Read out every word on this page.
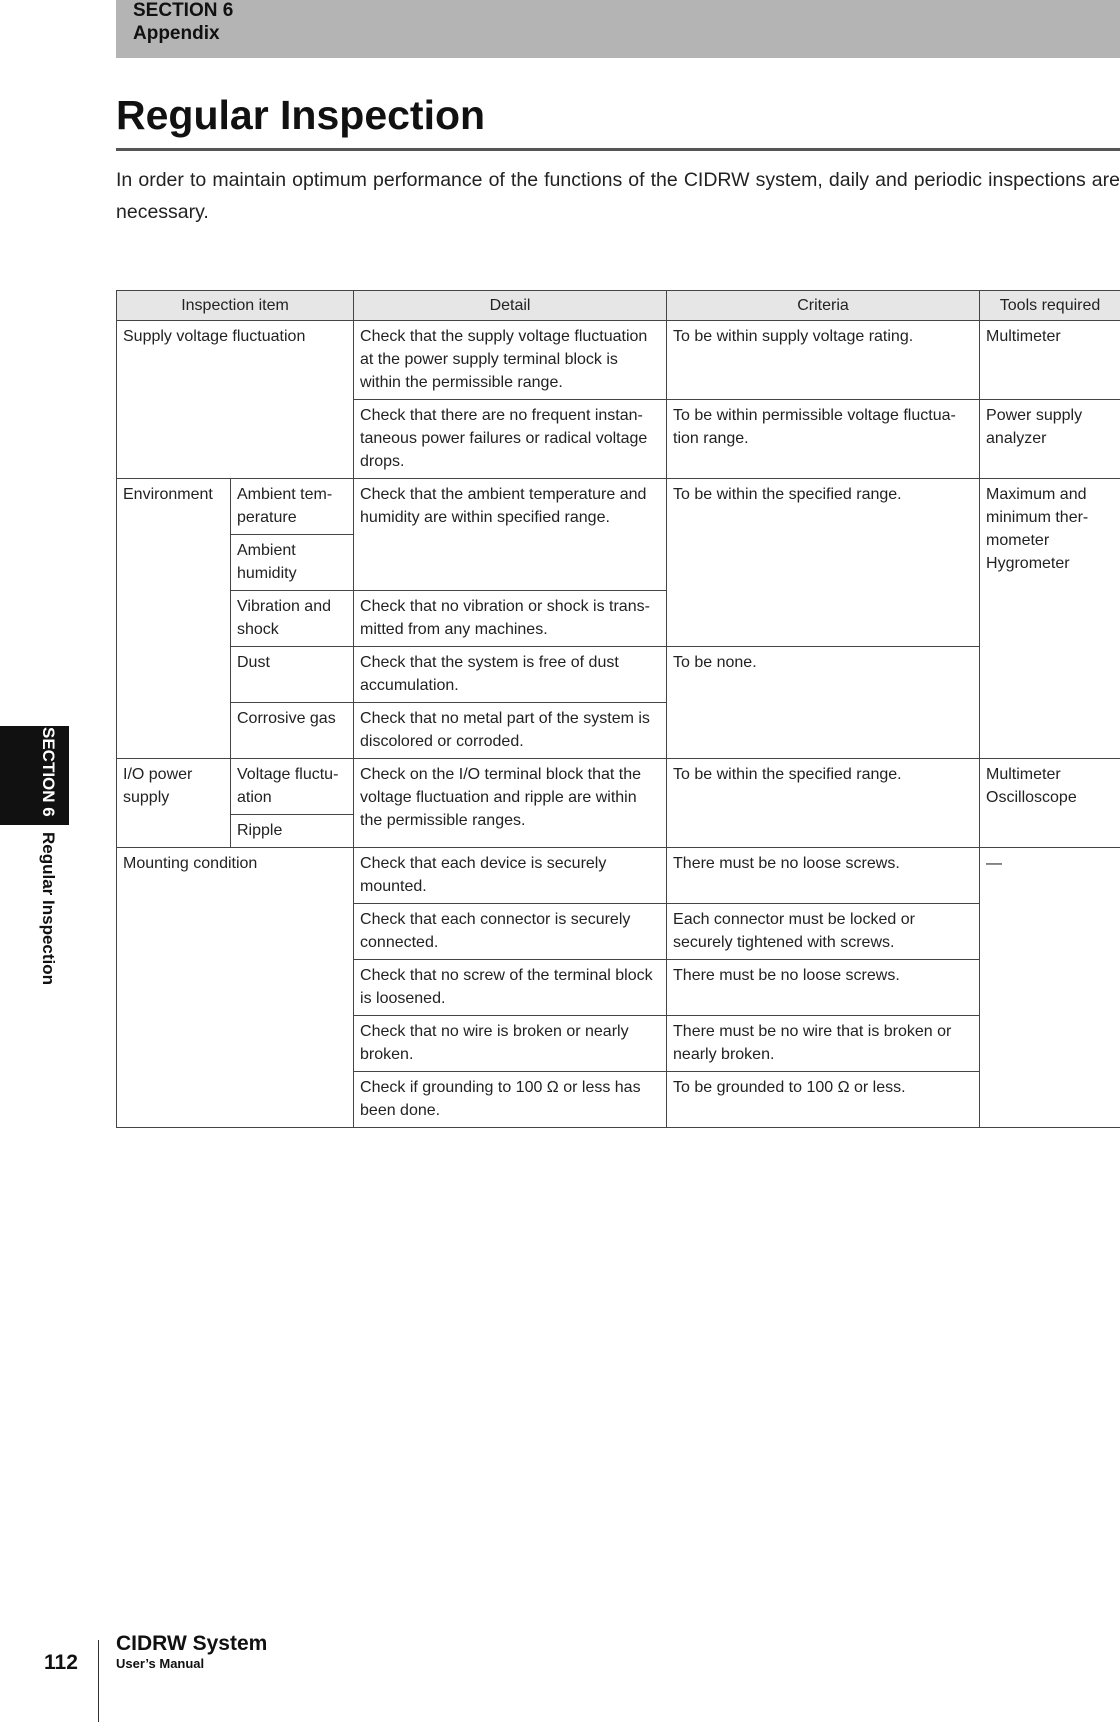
SECTION 6
Appendix
Regular Inspection
In order to maintain optimum performance of the functions of the CIDRW system, daily and periodic inspections are necessary.
SECTION 6
Regular Inspection
Inspection item		Detail	Criteria	Tools required
Supply voltage fluctuation		Check that the supply voltage fluctuation at the power supply terminal block is within the permissible range.	To be within supply voltage rating.	Multimeter
		Check that there are no frequent instan-taneous power failures or radical voltage drops.	To be within permissible voltage fluctua-tion range.	Power supply analyzer
Environment	Ambient tem-perature	Check that the ambient temperature and humidity are within specified range.	To be within the specified range.	Maximum and minimum ther-mometer Hygrometer
	Ambient humidity			
	Vibration and shock	Check that no vibration or shock is trans-mitted from any machines.		
	Dust	Check that the system is free of dust accumulation.	To be none.	
	Corrosive gas	Check that no metal part of the system is discolored or corroded.		
I/O power supply	Voltage fluctu-ation	Check on the I/O terminal block that the voltage fluctuation and ripple are within the permissible ranges.	To be within the specified range.	Multimeter Oscilloscope
	Ripple			
Mounting condition		Check that each device is securely mounted.	There must be no loose screws.	—
		Check that each connector is securely connected.	Each connector must be locked or securely tightened with screws.	
		Check that no screw of the terminal block is loosened.	There must be no loose screws.	
		Check that no wire is broken or nearly broken.	There must be no wire that is broken or nearly broken.	
		Check if grounding to 100 Ω or less has been done.	To be grounded to 100 Ω or less.	
112
CIDRW System
User’s Manual
